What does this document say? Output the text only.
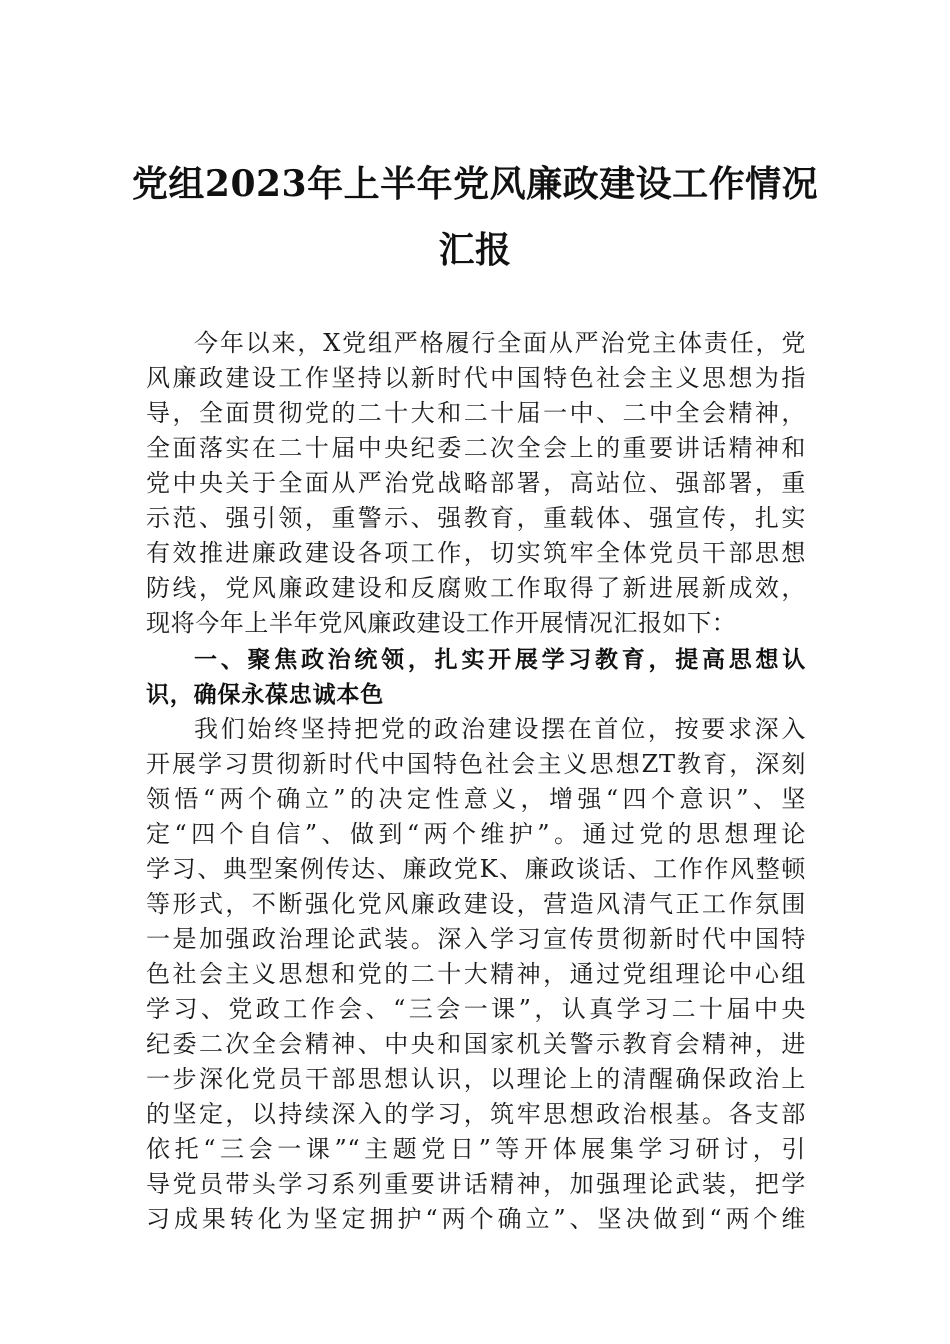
党组2023年上半年党风廉政建设工作情况
汇报
今年以来，X党组严格履行全面从严治党主体责任，党
风廉政建设工作坚持以新时代中国特色社会主义思想为指
导，全面贯彻党的二十大和二十届一中、二中全会精神，
全面落实在二十届中央纪委二次全会上的重要讲话精神和
党中央关于全面从严治党战略部署，高站位、强部署，重
示范、强引领，重警示、强教育，重载体、强宣传，扎实
有效推进廉政建设各项工作，切实筑牢全体党员干部思想
防线，党风廉政建设和反腐败工作取得了新进展新成效，
现将今年上半年党风廉政建设工作开展情况汇报如下：
一、聚焦政治统领，扎实开展学习教育，提高思想认
识，确保永葆忠诚本色
我们始终坚持把党的政治建设摆在首位，按要求深入
开展学习贯彻新时代中国特色社会主义思想ZT教育，深刻
领悟“两个确立”的决定性意义，增强“四个意识”、坚
定“四个自信”、做到“两个维护”。通过党的思想理论
学习、典型案例传达、廉政党K、廉政谈话、工作作风整顿
等形式，不断强化党风廉政建设，营造风清气正工作氛围
一是加强政治理论武装。深入学习宣传贯彻新时代中国特
色社会主义思想和党的二十大精神，通过党组理论中心组
学习、党政工作会、“三会一课”，认真学习二十届中央
纪委二次全会精神、中央和国家机关警示教育会精神，进
一步深化党员干部思想认识，以理论上的清醒确保政治上
的坚定，以持续深入的学习，筑牢思想政治根基。各支部
依托“三会一课”“主题党日”等开体展集学习研讨，引
导党员带头学习系列重要讲话精神，加强理论武装，把学
习成果转化为坚定拥护“两个确立”、坚决做到“两个维
